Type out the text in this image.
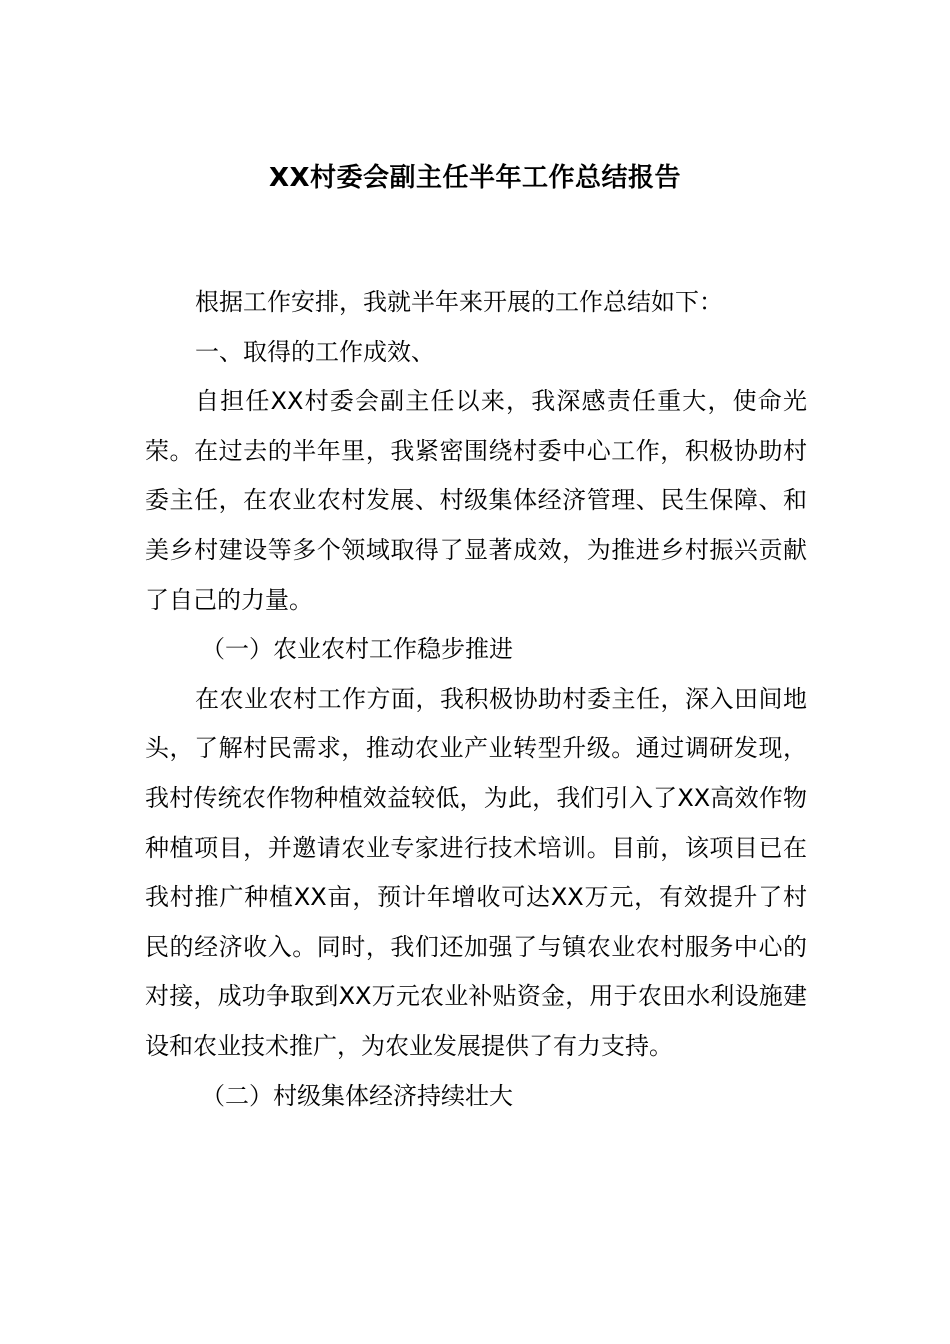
XX村委会副主任半年工作总结报告

根据工作安排，我就半年来开展的工作总结如下：

一、取得的工作成效、

自担任XX村委会副主任以来，我深感责任重大，使命光荣。在过去的半年里，我紧密围绕村委中心工作，积极协助村委主任，在农业农村发展、村级集体经济管理、民生保障、和美乡村建设等多个领域取得了显著成效，为推进乡村振兴贡献了自己的力量。

（一）农业农村工作稳步推进

在农业农村工作方面，我积极协助村委主任，深入田间地头，了解村民需求，推动农业产业转型升级。通过调研发现，我村传统农作物种植效益较低，为此，我们引入了XX高效作物种植项目，并邀请农业专家进行技术培训。目前，该项目已在我村推广种植XX亩，预计年增收可达XX万元，有效提升了村民的经济收入。同时，我们还加强了与镇农业农村服务中心的对接，成功争取到XX万元农业补贴资金，用于农田水利设施建设和农业技术推广，为农业发展提供了有力支持。

（二）村级集体经济持续壮大
